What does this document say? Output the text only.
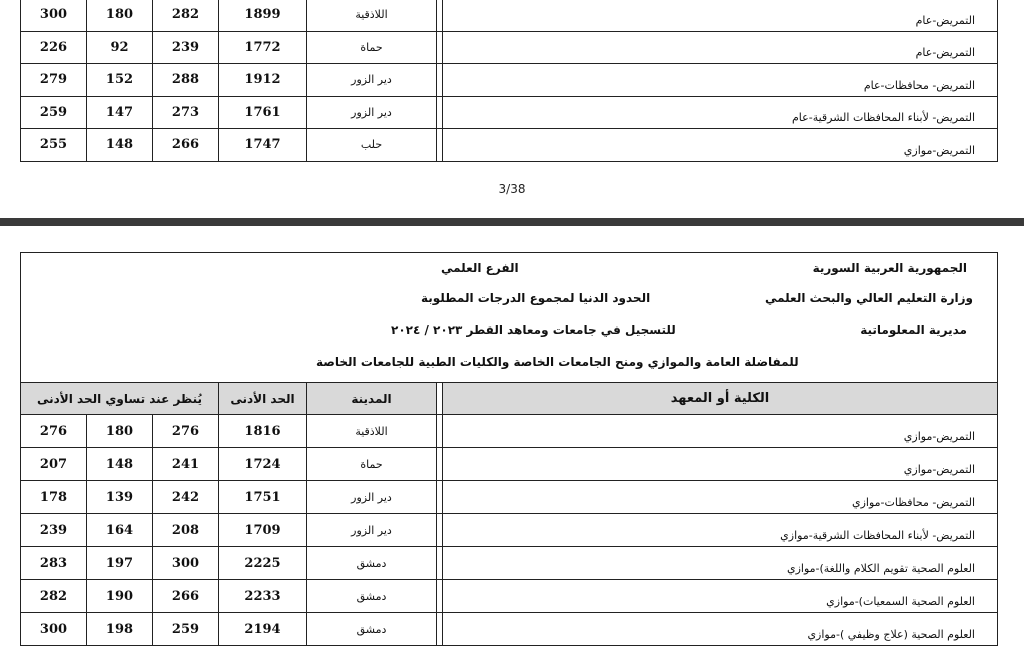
300	180	282	1899	اللاذقية		التمريض-عام
226	92	239	1772	حماة		التمريض-عام
279	152	288	1912	دير الزور		التمريض- محافظات-عام
259	147	273	1761	دير الزور		التمريض- لأبناء المحافظات الشرقية-عام
255	148	266	1747	حلب		التمريض-موازي
3/38
الجمهورية العربية السورية
وزارة التعليم العالي والبحث العلمي
مديرية المعلوماتية
الفرع العلمي
الحدود الدنيا لمجموع الدرجات المطلوبة
للتسجيل في جامعات ومعاهد القطر ٢٠٢٣ / ٢٠٢٤
للمفاضلة العامة والموازي ومنح الجامعات الخاصة والكليات الطبية للجامعات الخاصة
يُنظر عند تساوي الحد الأدنى			الحد الأدنى	المدينة		الكلية أو المعهد
276	180	276	1816	اللاذقية		التمريض-موازي
207	148	241	1724	حماة		التمريض-موازي
178	139	242	1751	دير الزور		التمريض- محافظات-موازي
239	164	208	1709	دير الزور		التمريض- لأبناء المحافظات الشرقية-موازي
283	197	300	2225	دمشق		العلوم الصحية تقويم الكلام واللغة)-موازي
282	190	266	2233	دمشق		العلوم الصحية السمعيات)-موازي
300	198	259	2194	دمشق		العلوم الصحية (علاج وظيفي )-موازي
